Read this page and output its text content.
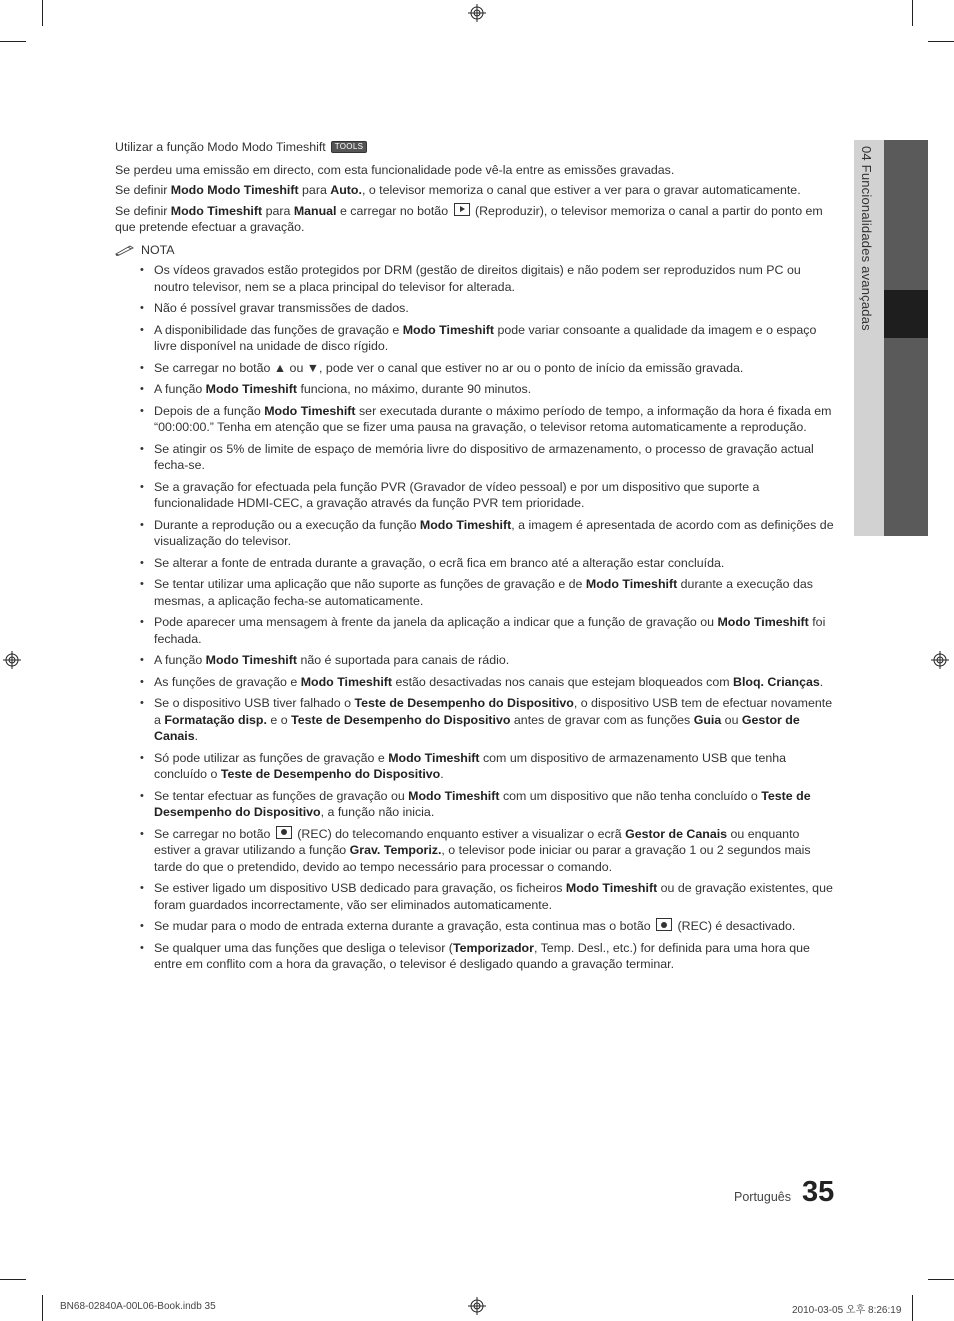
04 Funcionalidades avançadas
Utilizar a função Modo Modo Timeshift	TOOLS

Se perdeu uma emissão em directo, com esta funcionalidade pode vê-la entre as emissões gravadas.

Se definir Modo Modo Timeshift para Auto., o televisor memoriza o canal que estiver a ver para o gravar automaticamente.

Se definir Modo Timeshift para Manual e carregar no botão  (Reproduzir), o televisor memoriza o canal a partir do ponto em que pretende efectuar a gravação.

NOTA
• Os vídeos gravados estão protegidos por DRM (gestão de direitos digitais) e não podem ser reproduzidos num PC ou noutro televisor, nem se a placa principal do televisor for alterada.
• Não é possível gravar transmissões de dados.
• A disponibilidade das funções de gravação e Modo Timeshift pode variar consoante a qualidade da imagem e o espaço livre disponível na unidade de disco rígido.
• Se carregar no botão ▲ ou ▼, pode ver o canal que estiver no ar ou o ponto de início da emissão gravada.
• A função Modo Timeshift funciona, no máximo, durante 90 minutos.
• Depois de a função Modo Timeshift ser executada durante o máximo período de tempo, a informação da hora é fixada em “00:00:00.” Tenha em atenção que se fizer uma pausa na gravação, o televisor retoma automaticamente a reprodução.
• Se atingir os 5% de limite de espaço de memória livre do dispositivo de armazenamento, o processo de gravação actual fecha-se.
• Se a gravação for efectuada pela função PVR (Gravador de vídeo pessoal) e por um dispositivo que suporte a funcionalidade HDMI-CEC, a gravação através da função PVR tem prioridade.
• Durante a reprodução ou a execução da função Modo Timeshift, a imagem é apresentada de acordo com as definições de visualização do televisor.
• Se alterar a fonte de entrada durante a gravação, o ecrã fica em branco até a alteração estar concluída.
• Se tentar utilizar uma aplicação que não suporte as funções de gravação e de Modo Timeshift durante a execução das mesmas, a aplicação fecha-se automaticamente.
• Pode aparecer uma mensagem à frente da janela da aplicação a indicar que a função de gravação ou Modo Timeshift foi fechada.
• A função Modo Timeshift não é suportada para canais de rádio.
• As funções de gravação e Modo Timeshift estão desactivadas nos canais que estejam bloqueados com Bloq. Crianças.
• Se o dispositivo USB tiver falhado o Teste de Desempenho do Dispositivo, o dispositivo USB tem de efectuar novamente a Formatação disp. e o Teste de Desempenho do Dispositivo antes de gravar com as funções Guia ou Gestor de Canais.
• Só pode utilizar as funções de gravação e Modo Timeshift com um dispositivo de armazenamento USB que tenha concluído o Teste de Desempenho do Dispositivo.
• Se tentar efectuar as funções de gravação ou Modo Timeshift com um dispositivo que não tenha concluído o Teste de Desempenho do Dispositivo, a função não inicia.
• Se carregar no botão  (REC) do telecomando enquanto estiver a visualizar o ecrã Gestor de Canais ou enquanto estiver a gravar utilizando a função Grav. Temporiz., o televisor pode iniciar ou parar a gravação 1 ou 2 segundos mais tarde do que o pretendido, devido ao tempo necessário para processar o comando.
• Se estiver ligado um dispositivo USB dedicado para gravação, os ficheiros Modo Timeshift ou de gravação existentes, que foram guardados incorrectamente, vão ser eliminados automaticamente.
• Se mudar para o modo de entrada externa durante a gravação, esta continua mas o botão  (REC) é desactivado.
• Se qualquer uma das funções que desliga o televisor (Temporizador, Temp. Desl., etc.) for definida para uma hora que entre em conflito com a hora da gravação, o televisor é desligado quando a gravação terminar.
Português 35
BN68-02840A-00L06-Book.indb 35	2010-03-05 오후 8:26:19
